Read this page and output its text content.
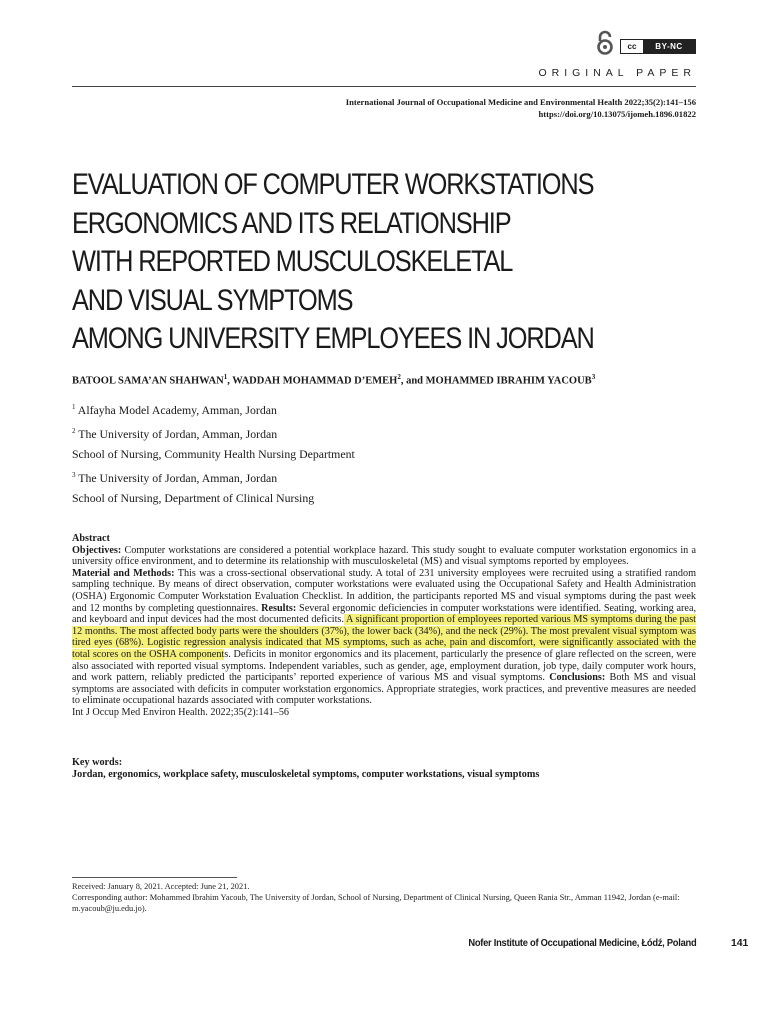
cc	BY-NC
ORIGINAL PAPER
International Journal of Occupational Medicine and Environmental Health 2022;35(2):141–156
https://doi.org/10.13075/ijomeh.1896.01822
EVALUATION OF COMPUTER WORKSTATIONS
ERGONOMICS AND ITS RELATIONSHIP
WITH REPORTED MUSCULOSKELETAL
AND VISUAL SYMPTOMS
AMONG UNIVERSITY EMPLOYEES IN JORDAN
BATOOL SAMA’AN SHAHWAN$^1$, WADDAH MOHAMMAD D’EMEH$^2$, and MOHAMMED IBRAHIM YACOUB$^3$
$^1$ Alfayha Model Academy, Amman, Jordan
$^2$ The University of Jordan, Amman, Jordan
School of Nursing, Community Health Nursing Department
$^3$ The University of Jordan, Amman, Jordan
School of Nursing, Department of Clinical Nursing
Abstract
Objectives: Computer workstations are considered a potential workplace hazard. This study sought to evaluate computer workstation ergonomics in a university office environment, and to determine its relationship with musculoskeletal (MS) and visual symptoms reported by employees.
Material and Methods: This was a cross-sectional observational study. A total of 231 university employees were recruited using a stratified random sampling technique. By means of direct observation, computer workstations were evaluated using the Occupational Safety and Health Administration (OSHA) Ergonomic Computer Workstation Evaluation Checklist. In addition, the participants reported MS and visual symptoms during the past week and 12 months by completing questionnaires. Results: Several ergonomic deficiencies in computer workstations were identified. Seating, working area, and keyboard and input devices had the most documented deficits. A significant proportion of employees reported various MS symptoms during the past 12 months. The most affected body parts were the shoulders (37%), the lower back (34%), and the neck (29%). The most prevalent visual symptom was tired eyes (68%). Logistic regression analysis indicated that MS symptoms, such as ache, pain and discomfort, were significantly associated with the total scores on the OSHA components. Deficits in monitor ergonomics and its placement, particularly the presence of glare reflected on the screen, were also associated with reported visual symptoms. Independent variables, such as gender, age, employment duration, job type, daily computer work hours, and work pattern, reliably predicted the participants’ reported experience of various MS and visual symptoms. Conclusions: Both MS and visual symptoms are associated with deficits in computer workstation ergonomics. Appropriate strategies, work practices, and preventive measures are needed to eliminate occupational hazards associated with computer workstations.
Int J Occup Med Environ Health. 2022;35(2):141–56
Key words:
Jordan, ergonomics, workplace safety, musculoskeletal symptoms, computer workstations, visual symptoms
Received: January 8, 2021. Accepted: June 21, 2021.
Corresponding author: Mohammed Ibrahim Yacoub, The University of Jordan, School of Nursing, Department of Clinical Nursing, Queen Rania Str., Amman 11942, Jordan (e-mail: m.yacoub@ju.edu.jo).
Nofer Institute of Occupational Medicine, Łódź, Poland	141
